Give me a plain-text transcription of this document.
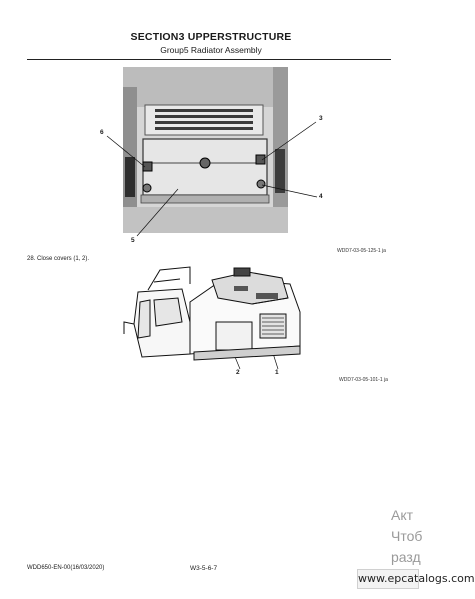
SECTION3 UPPERSTRUCTURE
Group5 Radiator Assembly
6
3
4
5
WDD7-03-05-125-1 ja
28. Close covers (1, 2).
2	1
WDD7-03-05-101-1 ja
Акт
Чтоб
разд
WDD650-EN-00(16/03/2020)	W3-5-6-7
www.epcatalogs.com
